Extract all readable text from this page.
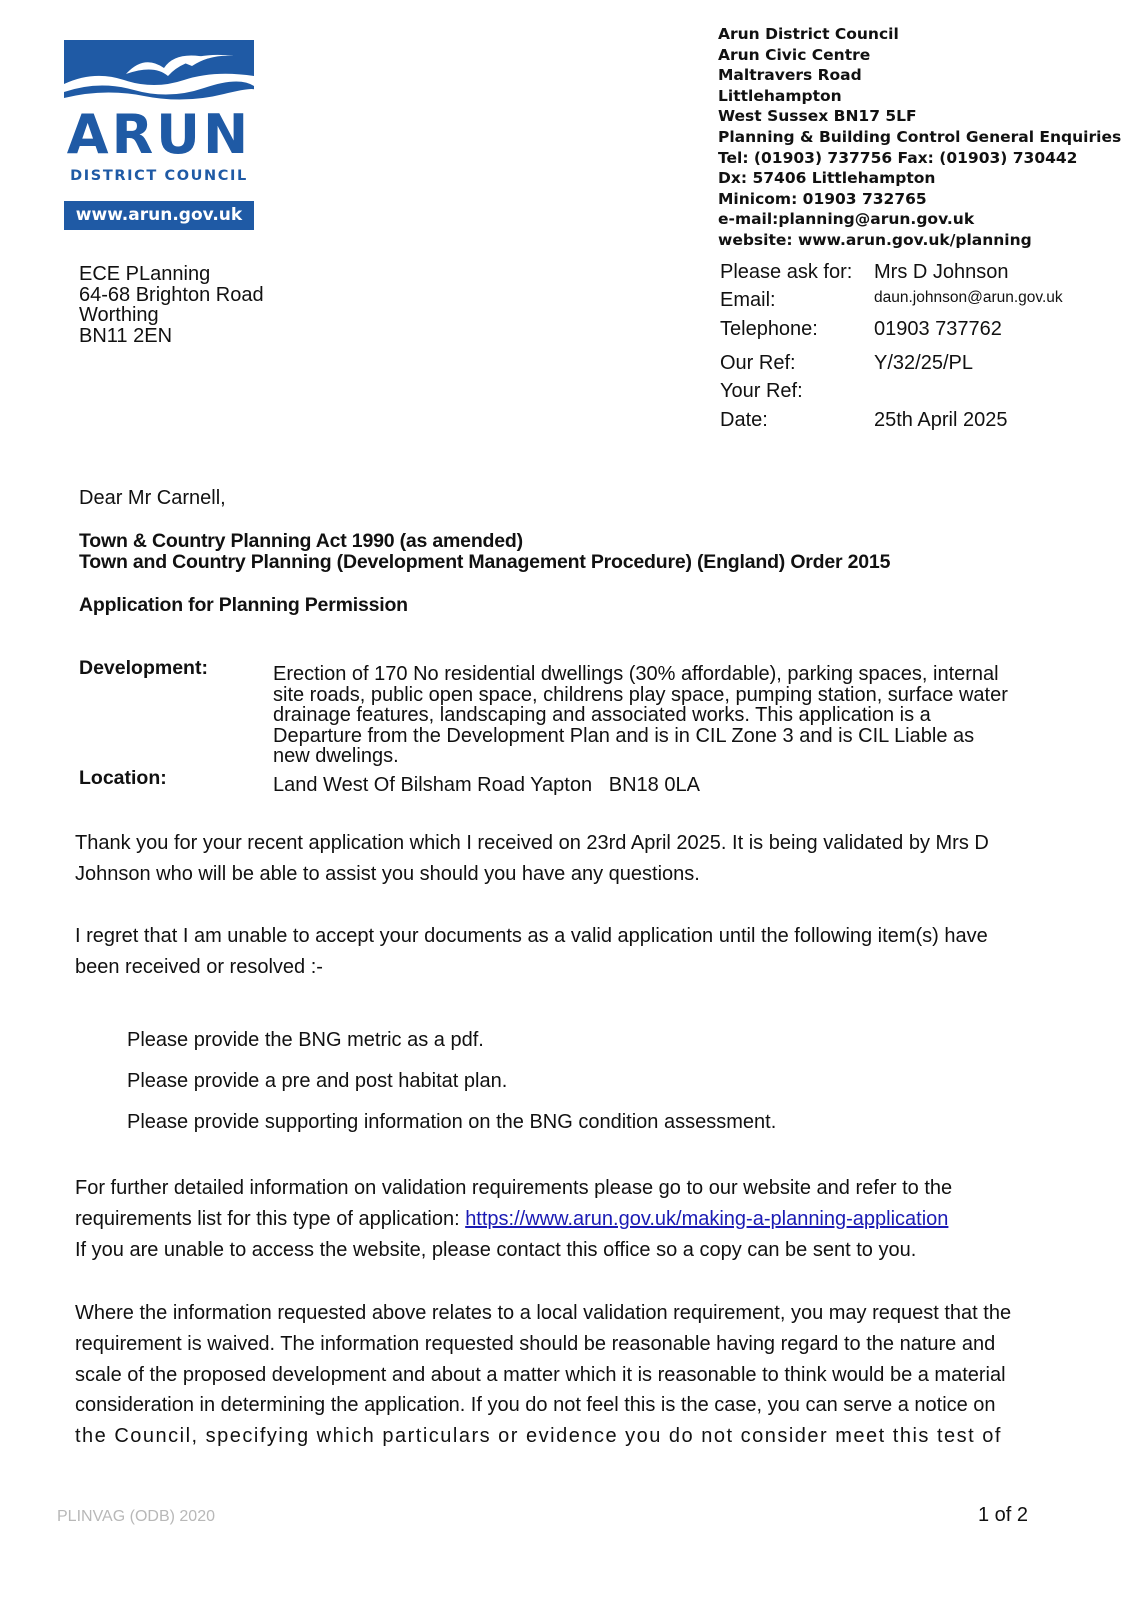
ARUN
DISTRICT COUNCIL
www.arun.gov.uk
Arun District Council
Arun Civic Centre
Maltravers Road
Littlehampton
West Sussex BN17 5LF
Planning & Building Control General Enquiries
Tel: (01903) 737756 Fax: (01903) 730442
Dx: 57406 Littlehampton
Minicom: 01903 732765
e-mail:planning@arun.gov.uk
website: www.arun.gov.uk/planning
ECE PLanning
64-68 Brighton Road
Worthing
BN11 2EN
Please ask for: Mrs D Johnson
Email:	daun.johnson@arun.gov.uk
Telephone:	01903 737762
Our Ref:	Y/32/25/PL
Your Ref:
Date:	25th April 2025
Dear Mr Carnell,
Town & Country Planning Act 1990 (as amended)
Town and Country Planning (Development Management Procedure) (England) Order 2015
Application for Planning Permission
Development:	Erection of 170 No residential dwellings (30% affordable), parking spaces, internal
site roads, public open space, childrens play space, pumping station, surface water
drainage features, landscaping and associated works. This application is a
Departure from the Development Plan and is in CIL Zone 3 and is CIL Liable as
new dwelings.
Location:	Land West Of Bilsham Road Yapton   BN18 0LA
Thank you for your recent application which I received on 23rd April 2025. It is being validated by Mrs D
Johnson who will be able to assist you should you have any questions.
I regret that I am unable to accept your documents as a valid application until the following item(s) have
been received or resolved :-
Please provide the BNG metric as a pdf.
Please provide a pre and post habitat plan.
Please provide supporting information on the BNG condition assessment.
For further detailed information on validation requirements please go to our website and refer to the
requirements list for this type of application: https://www.arun.gov.uk/making-a-planning-application
If you are unable to access the website, please contact this office so a copy can be sent to you.
Where the information requested above relates to a local validation requirement, you may request that the
requirement is waived. The information requested should be reasonable having regard to the nature and
scale of the proposed development and about a matter which it is reasonable to think would be a material
consideration in determining the application. If you do not feel this is the case, you can serve a notice on
the Council, specifying which particulars or evidence you do not consider meet this test of
PLINVAG (ODB) 2020	1 of 2
